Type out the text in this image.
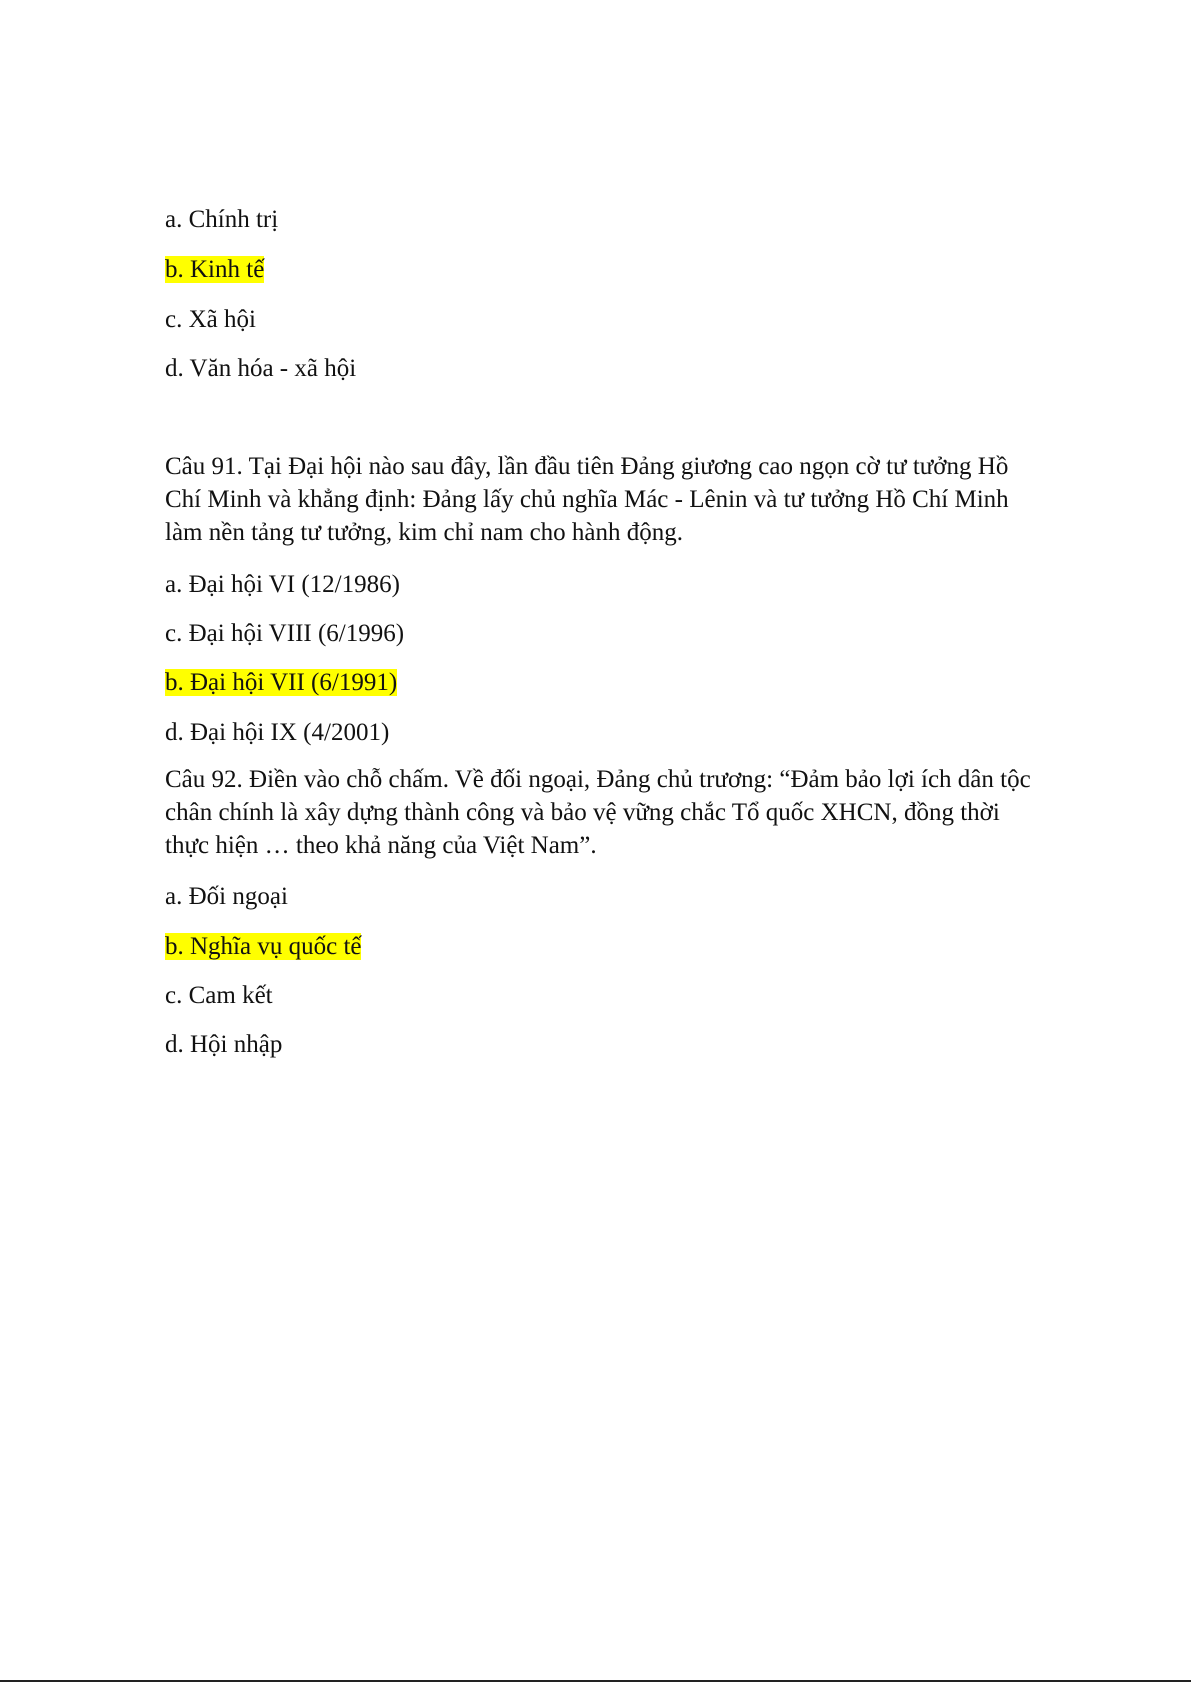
a. Chính trị
b. Kinh tế
c. Xã hội
d. Văn hóa - xã hội
Câu 91. Tại Đại hội nào sau đây, lần đầu tiên Đảng giương cao ngọn cờ tư tưởng Hồ Chí Minh và khẳng định: Đảng lấy chủ nghĩa Mác - Lênin và tư tưởng Hồ Chí Minh làm nền tảng tư tưởng, kim chỉ nam cho hành động.
a. Đại hội VI (12/1986)
c. Đại hội VIII (6/1996)
b. Đại hội VII (6/1991)
d. Đại hội IX (4/2001)
Câu 92. Điền vào chỗ chấm. Về đối ngoại, Đảng chủ trương: “Đảm bảo lợi ích dân tộc chân chính là xây dựng thành công và bảo vệ vững chắc Tổ quốc XHCN, đồng thời thực hiện … theo khả năng của Việt Nam”.
a. Đối ngoại
b. Nghĩa vụ quốc tế
c. Cam kết
d. Hội nhập
